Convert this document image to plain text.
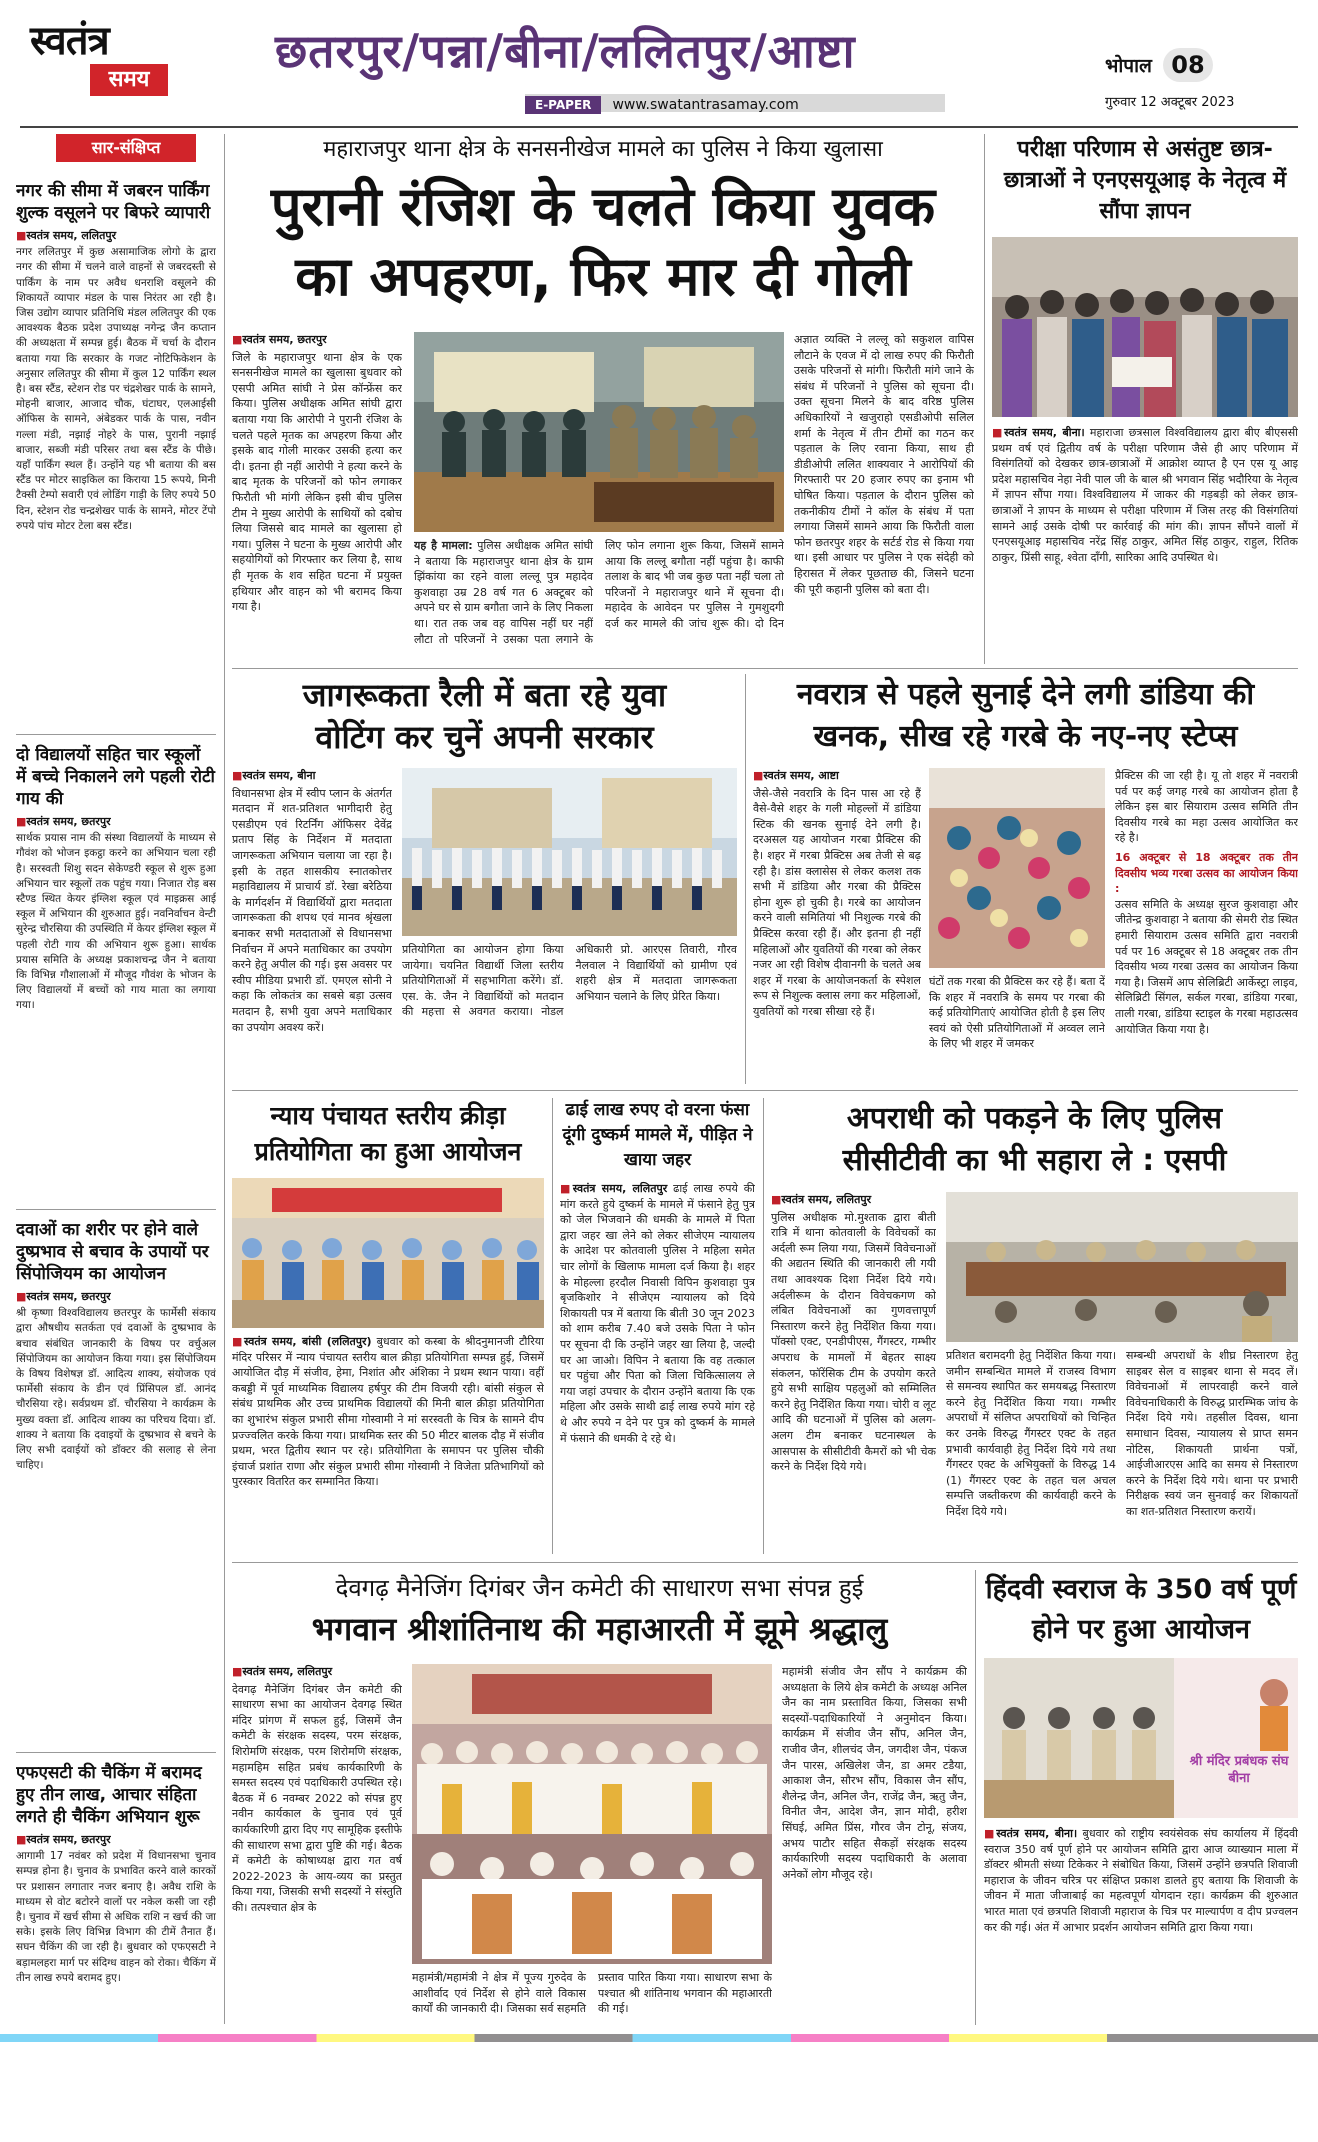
स्वतंत्र
समय
छतरपुर/पन्ना/बीना/ललितपुर/आष्टा
E-PAPER www.swatantrasamay.com
भोपाल 08
गुरुवार 12 अक्टूबर 2023
सार-संक्षिप्त
नगर की सीमा में जबरन पार्किंग शुल्क वसूलने पर बिफरे व्यापारी
■ स्वतंत्र समय, ललितपुर
नगर ललितपुर में कुछ असामाजिक लोगो के द्वारा नगर की सीमा में चलने वाले वाहनों से जबरदस्ती से पार्किंग के नाम पर अवैध धनराशि वसूलने की शिकायतें व्यापार मंडल के पास निरंतर आ रही है। जिस उद्योग व्यापार प्रतिनिधि मंडल ललितपुर की एक आवश्यक बैठक प्रदेश उपाध्यक्ष नगेन्द्र जैन कप्तान की अध्यक्षता में सम्पन्न हुई। बैठक में चर्चा के दौरान बताया गया कि सरकार के गजट नोटिफिकेशन के अनुसार ललितपुर की सीमा में कुल 12 पार्किंग स्थल है। बस स्टैंड, स्टेशन रोड पर चंद्रशेखर पार्क के सामने, मोहनी बाजार, आजाद चौक, घंटाघर, एलआईसी ऑफिस के सामने, अंबेडकर पार्क के पास, नवीन गल्ला मंडी, नझाई नोहरे के पास, पुरानी नझाई बाजार, सब्जी मंडी परिसर तथा बस स्टैंड के पीछे। यहाँ पार्किंग स्थल हैं। उन्होंने यह भी बताया की बस स्टैंड पर मोटर साइकिल का किराया 15 रूपये, मिनी टैक्सी टेम्पो सवारी एवं लोडिंग गाड़ी के लिए रुपये 50 दिन, स्टेशन रोड चन्द्रशेखर पार्क के सामने, मोटर टेंपो रुपये पांच मोटर टेला बस स्टैंड।
दो विद्यालयों सहित चार स्कूलों में बच्चे निकालने लगे पहली रोटी गाय की
■ स्वतंत्र समय, छतरपुर
सार्थक प्रयास नाम की संस्था विद्यालयों के माध्यम से गौवंश को भोजन इकट्ठा करने का अभियान चला रही है। सरस्वती शिशु सदन सेकेण्डरी स्कूल से शुरू हुआ अभियान चार स्कूलों तक पहुंच गया। निजात रोड़ बस स्टैण्ड स्थित केयर इंग्लिश स्कूल एवं माइक्रस आई स्कूल में अभियान की शुरुआत हुई। नवनिर्वाचन वेन्टी सुरेन्द्र चौरसिया की उपस्थिति में केयर इंग्लिश स्कूल में पहली रोटी गाय की अभियान शुरू हुआ। सार्थक प्रयास समिति के अध्यक्ष प्रकाशचन्द्र जैन ने बताया कि विभिन्न गौशालाओं में मौजूद गौवंश के भोजन के लिए विद्यालयों में बच्चों को गाय माता का लगाया गया।
दवाओं का शरीर पर होने वाले दुष्प्रभाव से बचाव के उपायों पर सिंपोजियम का आयोजन
■ स्वतंत्र समय, छतरपुर
श्री कृष्णा विश्वविद्यालय छतरपुर के फार्मेसी संकाय द्वारा औषधीय सतर्कता एवं दवाओं के दुष्प्रभाव के बचाव संबंधित जानकारी के विषय पर वर्चुअल सिंपोजियम का आयोजन किया गया। इस सिंपोजियम के विषय विशेषज्ञ डॉ. आदित्य शाक्य, संयोजक एवं फार्मेसी संकाय के डीन एवं प्रिंसिपल डॉ. आनंद चौरसिया रहे। सर्वप्रथम डॉ. चौरसिया ने कार्यक्रम के मुख्य वक्ता डॉ. आदित्य शाक्य का परिचय दिया। डॉ. शाक्य ने बताया कि दवाइयों के दुष्प्रभाव से बचने के लिए सभी दवाईयों को डॉक्टर की सलाह से लेना चाहिए।
एफएसटी की चैकिंग में बरामद हुए तीन लाख, आचार संहिता लगते ही चैकिंग अभियान शुरू
■ स्वतंत्र समय, छतरपुर
आगामी 17 नवंबर को प्रदेश में विधानसभा चुनाव सम्पन्न होना है। चुनाव के प्रभावित करने वाले कारकों पर प्रशासन लगातार नजर बनाए है। अवैध राशि के माध्यम से वोट बटोरने वालों पर नकेल कसी जा रही है। चुनाव में खर्च सीमा से अधिक राशि न खर्च की जा सके। इसके लिए विभिन्न विभाग की टीमें तैनात हैं। सघन चैकिंग की जा रही है। बुधवार को एफएसटी ने बड़ामलहरा मार्ग पर संदिग्ध वाहन को रोका। चैकिंग में तीन लाख रुपये बरामद हुए।
महाराजपुर थाना क्षेत्र के सनसनीखेज मामले का पुलिस ने किया खुलासा
पुरानी रंजिश के चलते किया युवक
का अपहरण, फिर मार दी गोली
■ स्वतंत्र समय, छतरपुर
जिले के महाराजपुर थाना क्षेत्र के एक सनसनीखेज मामले का खुलासा बुधवार को एसपी अमित सांघी ने प्रेस कॉन्फ्रेंस कर किया। पुलिस अधीक्षक अमित सांघी द्वारा बताया गया कि आरोपी ने पुरानी रंजिश के चलते पहले मृतक का अपहरण किया और इसके बाद गोली मारकर उसकी हत्या कर दी। इतना ही नहीं आरोपी ने हत्या करने के बाद मृतक के परिजनों को फोन लगाकर फिरौती भी मांगी लेकिन इसी बीच पुलिस टीम ने मुख्य आरोपी के साथियों को दबोच लिया जिससे बाद मामले का खुलासा हो गया। पुलिस ने घटना के मुख्य आरोपी और सहयोगियों को गिरफ्तार कर लिया है, साथ ही मृतक के शव सहित घटना में प्रयुक्त हथियार और वाहन को भी बरामद किया गया है।
यह है मामला: पुलिस अधीक्षक अमित सांघी ने बताया कि महाराजपुर थाना क्षेत्र के ग्राम झिंकांया का रहने वाला लल्लू पुत्र महादेव कुशवाहा उम्र 28 वर्ष गत 6 अक्टूबर को अपने घर से ग्राम बगौता जाने के लिए निकला था। रात तक जब वह वापिस नहीं घर नहीं लौटा तो परिजनों ने उसका पता लगाने के लिए फोन लगाना शुरू किया, जिसमें सामने आया कि लल्लू बगौता नहीं पहुंचा है। काफी तलाश के बाद भी जब कुछ पता नहीं चला तो परिजनों ने महाराजपुर थाने में सूचना दी। महादेव के आवेदन पर पुलिस ने गुमशुदगी दर्ज कर मामले की जांच शुरू की। दो दिन
अज्ञात व्यक्ति ने लल्लू को सकुशल वापिस लौटाने के एवज में दो लाख रुपए की फिरौती उसके परिजनों से मांगी। फिरौती मांगे जाने के संबंध में परिजनों ने पुलिस को सूचना दी। उक्त सूचना मिलने के बाद वरिष्ठ पुलिस अधिकारियों ने खजुराहो एसडीओपी सलिल शर्मा के नेतृत्व में तीन टीमों का गठन कर पड़ताल के लिए रवाना किया, साथ ही डीडीओपी ललित शाक्यवार ने आरोपियों की गिरफ्तारी पर 20 हजार रुपए का इनाम भी घोषित किया। पड़ताल के दौरान पुलिस को तकनीकीय टीमों ने कॉल के संबंध में पता लगाया जिसमें सामने आया कि फिरौती वाला फोन छतरपुर शहर के सर्टर्ड रोड से किया गया था। इसी आधार पर पुलिस ने एक संदेही को हिरासत में लेकर पूछताछ की, जिसने घटना की पूरी कहानी पुलिस को बता दी।
परीक्षा परिणाम से असंतुष्ट छात्र-छात्राओं ने एनएसयूआइ के नेतृत्व में सौंपा ज्ञापन
■ स्वतंत्र समय, बीना। महाराजा छत्रसाल विश्वविद्यालय द्वारा बीए बीएससी प्रथम वर्ष एवं द्वितीय वर्ष के परीक्षा परिणाम जैसे ही आए परिणाम में विसंगतियों को देखकर छात्र-छात्राओं में आक्रोश व्याप्त है एन एस यू आइ प्रदेश महासचिव नेहा नेवी पाल जी के बाल श्री भगवान सिंह भदौरिया के नेतृत्व में ज्ञापन सौंपा गया। विश्वविद्यालय में जाकर की गड़बड़ी को लेकर छात्र-छात्राओं ने ज्ञापन के माध्यम से परीक्षा परिणाम में जिस तरह की विसंगतियां सामने आई उसके दोषी पर कार्रवाई की मांग की। ज्ञापन सौंपने वालों में एनएसयूआइ महासचिव नरेंद्र सिंह ठाकुर, अमित सिंह ठाकुर, राहुल, रितिक ठाकुर, प्रिंसी साहू, श्वेता दाँगी, सारिका आदि उपस्थित थे।
जागरूकता रैली में बता रहे युवा
वोटिंग कर चुनें अपनी सरकार
■ स्वतंत्र समय, बीना
विधानसभा क्षेत्र में स्वीप प्लान के अंतर्गत मतदान में शत-प्रतिशत भागीदारी हेतु एसडीएम एवं रिटर्निंग ऑफिसर देवेंद्र प्रताप सिंह के निर्देशन में मतदाता जागरूकता अभियान चलाया जा रहा है। इसी के तहत शासकीय स्नातकोत्तर महाविद्यालय में प्राचार्य डॉ. रेखा बरेठिया के मार्गदर्शन में विद्यार्थियों द्वारा मतदाता जागरूकता की शपथ एवं मानव श्रृंखला बनाकर सभी मतदाताओं से विधानसभा निर्वाचन में अपने मताधिकार का उपयोग करने हेतु अपील की गई। इस अवसर पर स्वीप मीडिया प्रभारी डॉ. एमएल सोनी ने कहा कि लोकतंत्र का सबसे बड़ा उत्सव मतदान है, सभी युवा अपने मताधिकार का उपयोग अवश्य करें।
प्रतियोगिता का आयोजन होगा किया जायेगा। चयनित विद्यार्थी जिला स्तरीय प्रतियोगिताओं में सहभागिता करेंगे। डॉ. एस. के. जैन ने विद्यार्थियों को मतदान की महत्ता से अवगत कराया। नोडल अधिकारी प्रो. आरएस तिवारी, गौरव नैलवाल ने विद्यार्थियों को ग्रामीण एवं शहरी क्षेत्र में मतदाता जागरूकता अभियान चलाने के लिए प्रेरित किया।
नवरात्र से पहले सुनाई देने लगी डांडिया की
खनक, सीख रहे गरबे के नए-नए स्टेप्स
■ स्वतंत्र समय, आष्टा
जैसे-जैसे नवरात्रि के दिन पास आ रहे हैं वैसे-वैसे शहर के गली मोहल्लों में डांडिया स्टिक की खनक सुनाई देने लगी है। दरअसल यह आयोजन गरबा प्रैक्टिस की है। शहर में गरबा प्रैक्टिस अब तेजी से बढ़ रही है। डांस क्लासेस से लेकर कलश तक सभी में डांडिया और गरबा की प्रैक्टिस होना शुरू हो चुकी है। गरबे का आयोजन करने वाली समितियां भी निशुल्क गरबे की प्रैक्टिस करवा रही हैं। और इतना ही नहीं महिलाओं और युवतियों की गरबा को लेकर नजर आ रही विशेष दीवानगी के चलते अब शहर में गरबा के आयोजनकर्ता के स्पेशल रूप से निशुल्क क्लास लगा कर महिलाओं, युवतियों को गरबा सीखा रहे हैं।
घंटों तक गरबा की प्रैक्टिस कर रहे हैं। बता दें कि शहर में नवरात्रि के समय पर गरबा की कई प्रतियोगिताएं आयोजित होती है इस लिए स्वयं को ऐसी प्रतियोगिताओं में अव्वल लाने के लिए भी शहर में जमकर
प्रैक्टिस की जा रही है। यू तो शहर में नवरात्री पर्व पर कई जगह गरबे का आयोजन होता है लेकिन इस बार सियाराम उत्सव समिति तीन दिवसीय गरबे का महा उत्सव आयोजित कर रहे है।
16 अक्टूबर से 18 अक्टूबर तक तीन दिवसीय भव्य गरबा उत्सव का आयोजन किया :
उत्सव समिति के अध्यक्ष सुरज कुशवाहा और जीतेन्द्र कुशवाहा ने बताया की सेमरी रोड स्थित हमारी सियाराम उत्सव समिति द्वारा नवरात्री पर्व पर 16 अक्टूबर से 18 अक्टूबर तक तीन दिवसीय भव्य गरबा उत्सव का आयोजन किया गया है। जिसमें आप सेलिब्रिटी आर्केस्ट्रा लाइव, सेलिब्रिटी सिंगल, सर्कल गरबा, डांडिया गरबा, ताली गरबा, डांडिया स्टाइल के गरबा महाउत्सव आयोजित किया गया है।
न्याय पंचायत स्तरीय क्रीड़ा प्रतियोगिता का हुआ आयोजन
■ स्वतंत्र समय, बांसी (ललितपुर) बुधवार को कस्बा के श्रीदनुमानजी टौरिया मंदिर परिसर में न्याय पंचायत स्तरीय बाल क्रीड़ा प्रतियोगिता सम्पन्न हुई, जिसमें आयोजित दौड़ में संजीव, हेमा, निशांत और अंशिका ने प्रथम स्थान पाया। वहीं कबड्डी में पूर्व माध्यमिक विद्यालय हर्षपुर की टीम विजयी रही। बांसी संकुल से संबंध प्राथमिक और उच्च प्राथमिक विद्यालयों की मिनी बाल क्रीड़ा प्रतियोगिता का शुभारंभ संकुल प्रभारी सीमा गोस्वामी ने मां सरस्वती के चित्र के सामने दीप प्रज्ज्वलित करके किया गया। प्राथमिक स्तर की 50 मीटर बालक दौड़ में संजीव प्रथम, भरत द्वितीय स्थान पर रहे। प्रतियोगिता के समापन पर पुलिस चौकी इंचार्ज प्रशांत राणा और संकुल प्रभारी सीमा गोस्वामी ने विजेता प्रतिभागियों को पुरस्कार वितरित कर सम्मानित किया।
ढाई लाख रुपए दो वरना फंसा दूंगी दुष्कर्म मामले में, पीड़ित ने खाया जहर
■ स्वतंत्र समय, ललितपुर ढाई लाख रुपये की मांग करते हुये दुष्कर्म के मामले में फंसाने हेतु पुत्र को जेल भिजवाने की धमकी के मामले में पिता द्वारा जहर खा लेने को लेकर सीजेएम न्यायालय के आदेश पर कोतवाली पुलिस ने महिला समेत चार लोगों के खिलाफ मामला दर्ज किया है। शहर के मोहल्ला हरदौल निवासी विपिन कुशवाहा पुत्र बृजकिशोर ने सीजेएम न्यायालय को दिये शिकायती पत्र में बताया कि बीती 30 जून 2023 को शाम करीब 7.40 बजे उसके पिता ने फोन पर सूचना दी कि उन्होंने जहर खा लिया है, जल्दी घर आ जाओ। विपिन ने बताया कि वह तत्काल घर पहुंचा और पिता को जिला चिकित्सालय ले गया जहां उपचार के दौरान उन्होंने बताया कि एक महिला और उसके साथी ढाई लाख रुपये मांग रहे थे और रुपये न देने पर पुत्र को दुष्कर्म के मामले में फंसाने की धमकी दे रहे थे।
अपराधी को पकड़ने के लिए पुलिस
सीसीटीवी का भी सहारा ले : एसपी
■ स्वतंत्र समय, ललितपुर
पुलिस अधीक्षक मो.मुश्ताक द्वारा बीती रात्रि में थाना कोतवाली के विवेचकों का अर्दली रूम लिया गया, जिसमें विवेचनाओं की अद्यतन स्थिति की जानकारी ली गयी तथा आवश्यक दिशा निर्देश दिये गये। अर्दलीरूम के दौरान विवेचकगण को लंबित विवेचनाओं का गुणवत्तापूर्ण निस्तारण करने हेतु निर्देशित किया गया। पॉक्सो एक्ट, एनडीपीएस, गैंगस्टर, गम्भीर अपराध के मामलों में बेहतर साक्ष्य संकलन, फॉरेंसिक टीम के उपयोग करते हुये सभी साक्षिय पहलुओं को सम्मिलित करने हेतु निर्देशित किया गया। चोरी व लूट आदि की घटनाओं में पुलिस को अलग-अलग टीम बनाकर घटनास्थल के आसपास के सीसीटीवी कैमरों को भी चेक करने के निर्देश दिये गये।
प्रतिशत बरामदगी हेतु निर्देशित किया गया। जमीन सम्बन्धित मामले में राजस्व विभाग से समन्वय स्थापित कर समयबद्ध निस्तारण करने हेतु निर्देशित किया गया। गम्भीर अपराधों में संलिप्त अपराधियों को चिन्हित कर उनके विरुद्ध गैंगस्टर एक्ट के तहत प्रभावी कार्यवाही हेतु निर्देश दिये गये तथा गैंगस्टर एक्ट के अभियुक्तों के विरुद्ध 14 (1) गैंगस्टर एक्ट के तहत चल अचल सम्पत्ति जब्तीकरण की कार्यवाही करने के निर्देश दिये गये।
सम्बन्धी अपराधों के शीघ्र निस्तारण हेतु साइबर सेल व साइबर थाना से मदद लें। विवेचनाओं में लापरवाही करने वाले विवेचनाधिकारी के विरुद्ध प्रारम्भिक जांच के निर्देश दिये गये। तहसील दिवस, थाना समाधान दिवस, न्यायालय से प्राप्त समन नोटिस, शिकायती प्रार्थना पत्रों, आईजीआरएस आदि का समय से निस्तारण करने के निर्देश दिये गये। थाना पर प्रभारी निरीक्षक स्वयं जन सुनवाई कर शिकायतों का शत-प्रतिशत निस्तारण करायें।
देवगढ़ मैनेजिंग दिगंबर जैन कमेटी की साधारण सभा संपन्न हुई
भगवान श्रीशांतिनाथ की महाआरती में झूमे श्रद्धालु
■ स्वतंत्र समय, ललितपुर
देवगढ़ मैनेजिंग दिगंबर जैन कमेटी की साधारण सभा का आयोजन देवगढ़ स्थित मंदिर प्रांगण में सफल हुई, जिसमें जैन कमेटी के संरक्षक सदस्य, परम संरक्षक, शिरोमणि संरक्षक, परम शिरोमणि संरक्षक, महामहिम सहित प्रबंध कार्यकारिणी के समस्त सदस्य एवं पदाधिकारी उपस्थित रहे। बैठक में 6 नवम्बर 2022 को संपन्न हुए नवीन कार्यकाल के चुनाव एवं पूर्व कार्यकारिणी द्वारा दिए गए सामूहिक इस्तीफे की साधारण सभा द्वारा पुष्टि की गई। बैठक में कमेटी के कोषाध्यक्ष द्वारा गत वर्ष 2022-2023 के आय-व्यय का प्रस्तुत किया गया, जिसकी सभी सदस्यों ने संस्तुति की। तत्पश्चात क्षेत्र के
महामंत्री/महामंत्री ने क्षेत्र में पूज्य गुरुदेव के आशीर्वाद एवं निर्देश से होने वाले विकास कार्यों की जानकारी दी। जिसका सर्व सहमति प्रस्ताव पारित किया गया। साधारण सभा के पश्चात श्री शांतिनाथ भगवान की महाआरती की गई।
महामंत्री संजीव जैन सौंप ने कार्यक्रम की अध्यक्षता के लिये क्षेत्र कमेटी के अध्यक्ष अनिल जैन का नाम प्रस्तावित किया, जिसका सभी सदस्यों-पदाधिकारियों ने अनुमोदन किया। कार्यक्रम में संजीव जैन सौंप, अनिल जैन, राजीव जैन, शीलचंद जैन, जगदीश जैन, पंकज जैन पारस, अखिलेश जैन, डा अमर टडैया, आकाश जैन, सौरभ सौंप, विकास जैन सौंप, शैलेन्द्र जैन, अनिल जैन, राजेंद्र जैन, ऋतु जैन, विनीत जैन, आदेश जैन, ज्ञान मोदी, हरीश सिंघई, अमित प्रिंस, गौरव जैन टोनू, संजय, अभय पाटौर सहित सैकड़ों संरक्षक सदस्य कार्यकारिणी सदस्य पदाधिकारी के अलावा अनेकों लोग मौजूद रहे।
हिंदवी स्वराज के 350 वर्ष पूर्ण होने पर हुआ आयोजन
श्री मंदिर प्रबंधक संघ बीना
■ स्वतंत्र समय, बीना। बुधवार को राष्ट्रीय स्वयंसेवक संघ कार्यालय में हिंदवी स्वराज 350 वर्ष पूर्ण होने पर आयोजन समिति द्वारा आज व्याख्यान माला में डॉक्टर श्रीमती संध्या टिकेकर ने संबोधित किया, जिसमें उन्होंने छत्रपति शिवाजी महाराज के जीवन चरित्र पर संक्षिप्त प्रकाश डालते हुए बताया कि शिवाजी के जीवन में माता जीजाबाई का महत्वपूर्ण योगदान रहा। कार्यक्रम की शुरुआत भारत माता एवं छत्रपति शिवाजी महाराज के चित्र पर माल्यार्पण व दीप प्रज्वलन कर की गई। अंत में आभार प्रदर्शन आयोजन समिति द्वारा किया गया।
